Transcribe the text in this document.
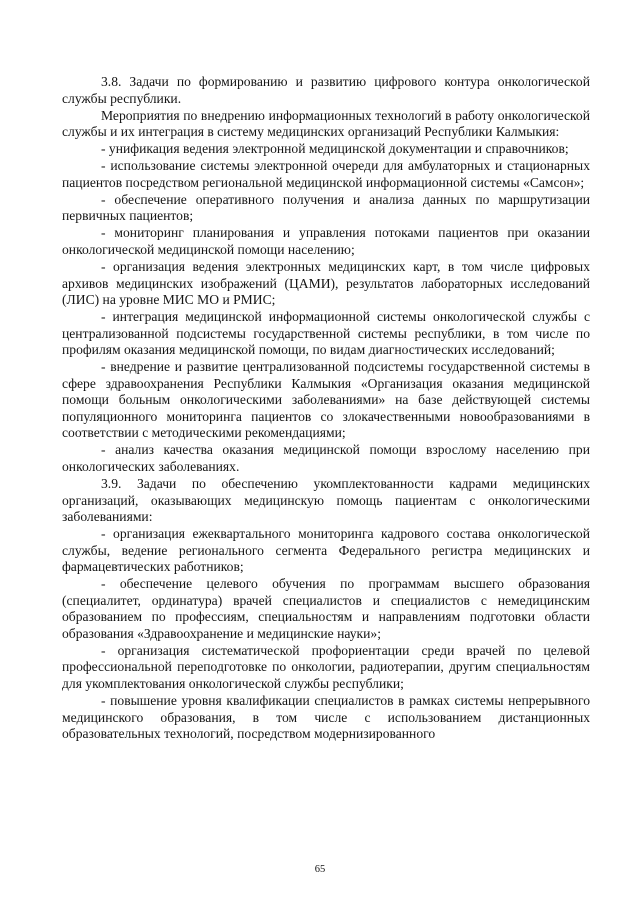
3.8. Задачи по формированию и развитию цифрового контура онкологической службы республики.

Мероприятия по внедрению информационных технологий в работу онкологической службы и их интеграция в систему медицинских организаций Республики Калмыкия:

- унификация ведения электронной медицинской документации и справочников;

- использование системы электронной очереди для амбулаторных и стационарных пациентов посредством региональной медицинской информационной системы «Самсон»;

- обеспечение оперативного получения и анализа данных по маршрутизации первичных пациентов;

- мониторинг планирования и управления потоками пациентов при оказании онкологической медицинской помощи населению;

- организация ведения электронных медицинских карт, в том числе цифровых архивов медицинских изображений (ЦАМИ), результатов лабораторных исследований (ЛИС) на уровне МИС МО и РМИС;

- интеграция медицинской информационной системы онкологической службы с централизованной подсистемы государственной системы республики, в том числе по профилям оказания медицинской помощи, по видам диагностических исследований;

- внедрение и развитие централизованной подсистемы государственной системы в сфере здравоохранения Республики Калмыкия «Организация оказания медицинской помощи больным онкологическими заболеваниями» на базе действующей системы популяционного мониторинга пациентов со злокачественными новообразованиями в соответствии с методическими рекомендациями;

- анализ качества оказания медицинской помощи взрослому населению при онкологических заболеваниях.

3.9. Задачи по обеспечению укомплектованности кадрами медицинских организаций, оказывающих медицинскую помощь пациентам с онкологическими заболеваниями:

- организация ежеквартального мониторинга кадрового состава онкологической службы, ведение регионального сегмента Федерального регистра медицинских и фармацевтических работников;

- обеспечение целевого обучения по программам высшего образования (специалитет, ординатура) врачей специалистов и специалистов с немедицинским образованием по профессиям, специальностям и направлениям подготовки области образования «Здравоохранение и медицинские науки»;

- организация систематической профориентации среди врачей по целевой профессиональной переподготовке по онкологии, радиотерапии, другим специальностям для укомплектования онкологической службы республики;

- повышение уровня квалификации специалистов в рамках системы непрерывного медицинского образования, в том числе с использованием дистанционных образовательных технологий, посредством модернизированного

65
